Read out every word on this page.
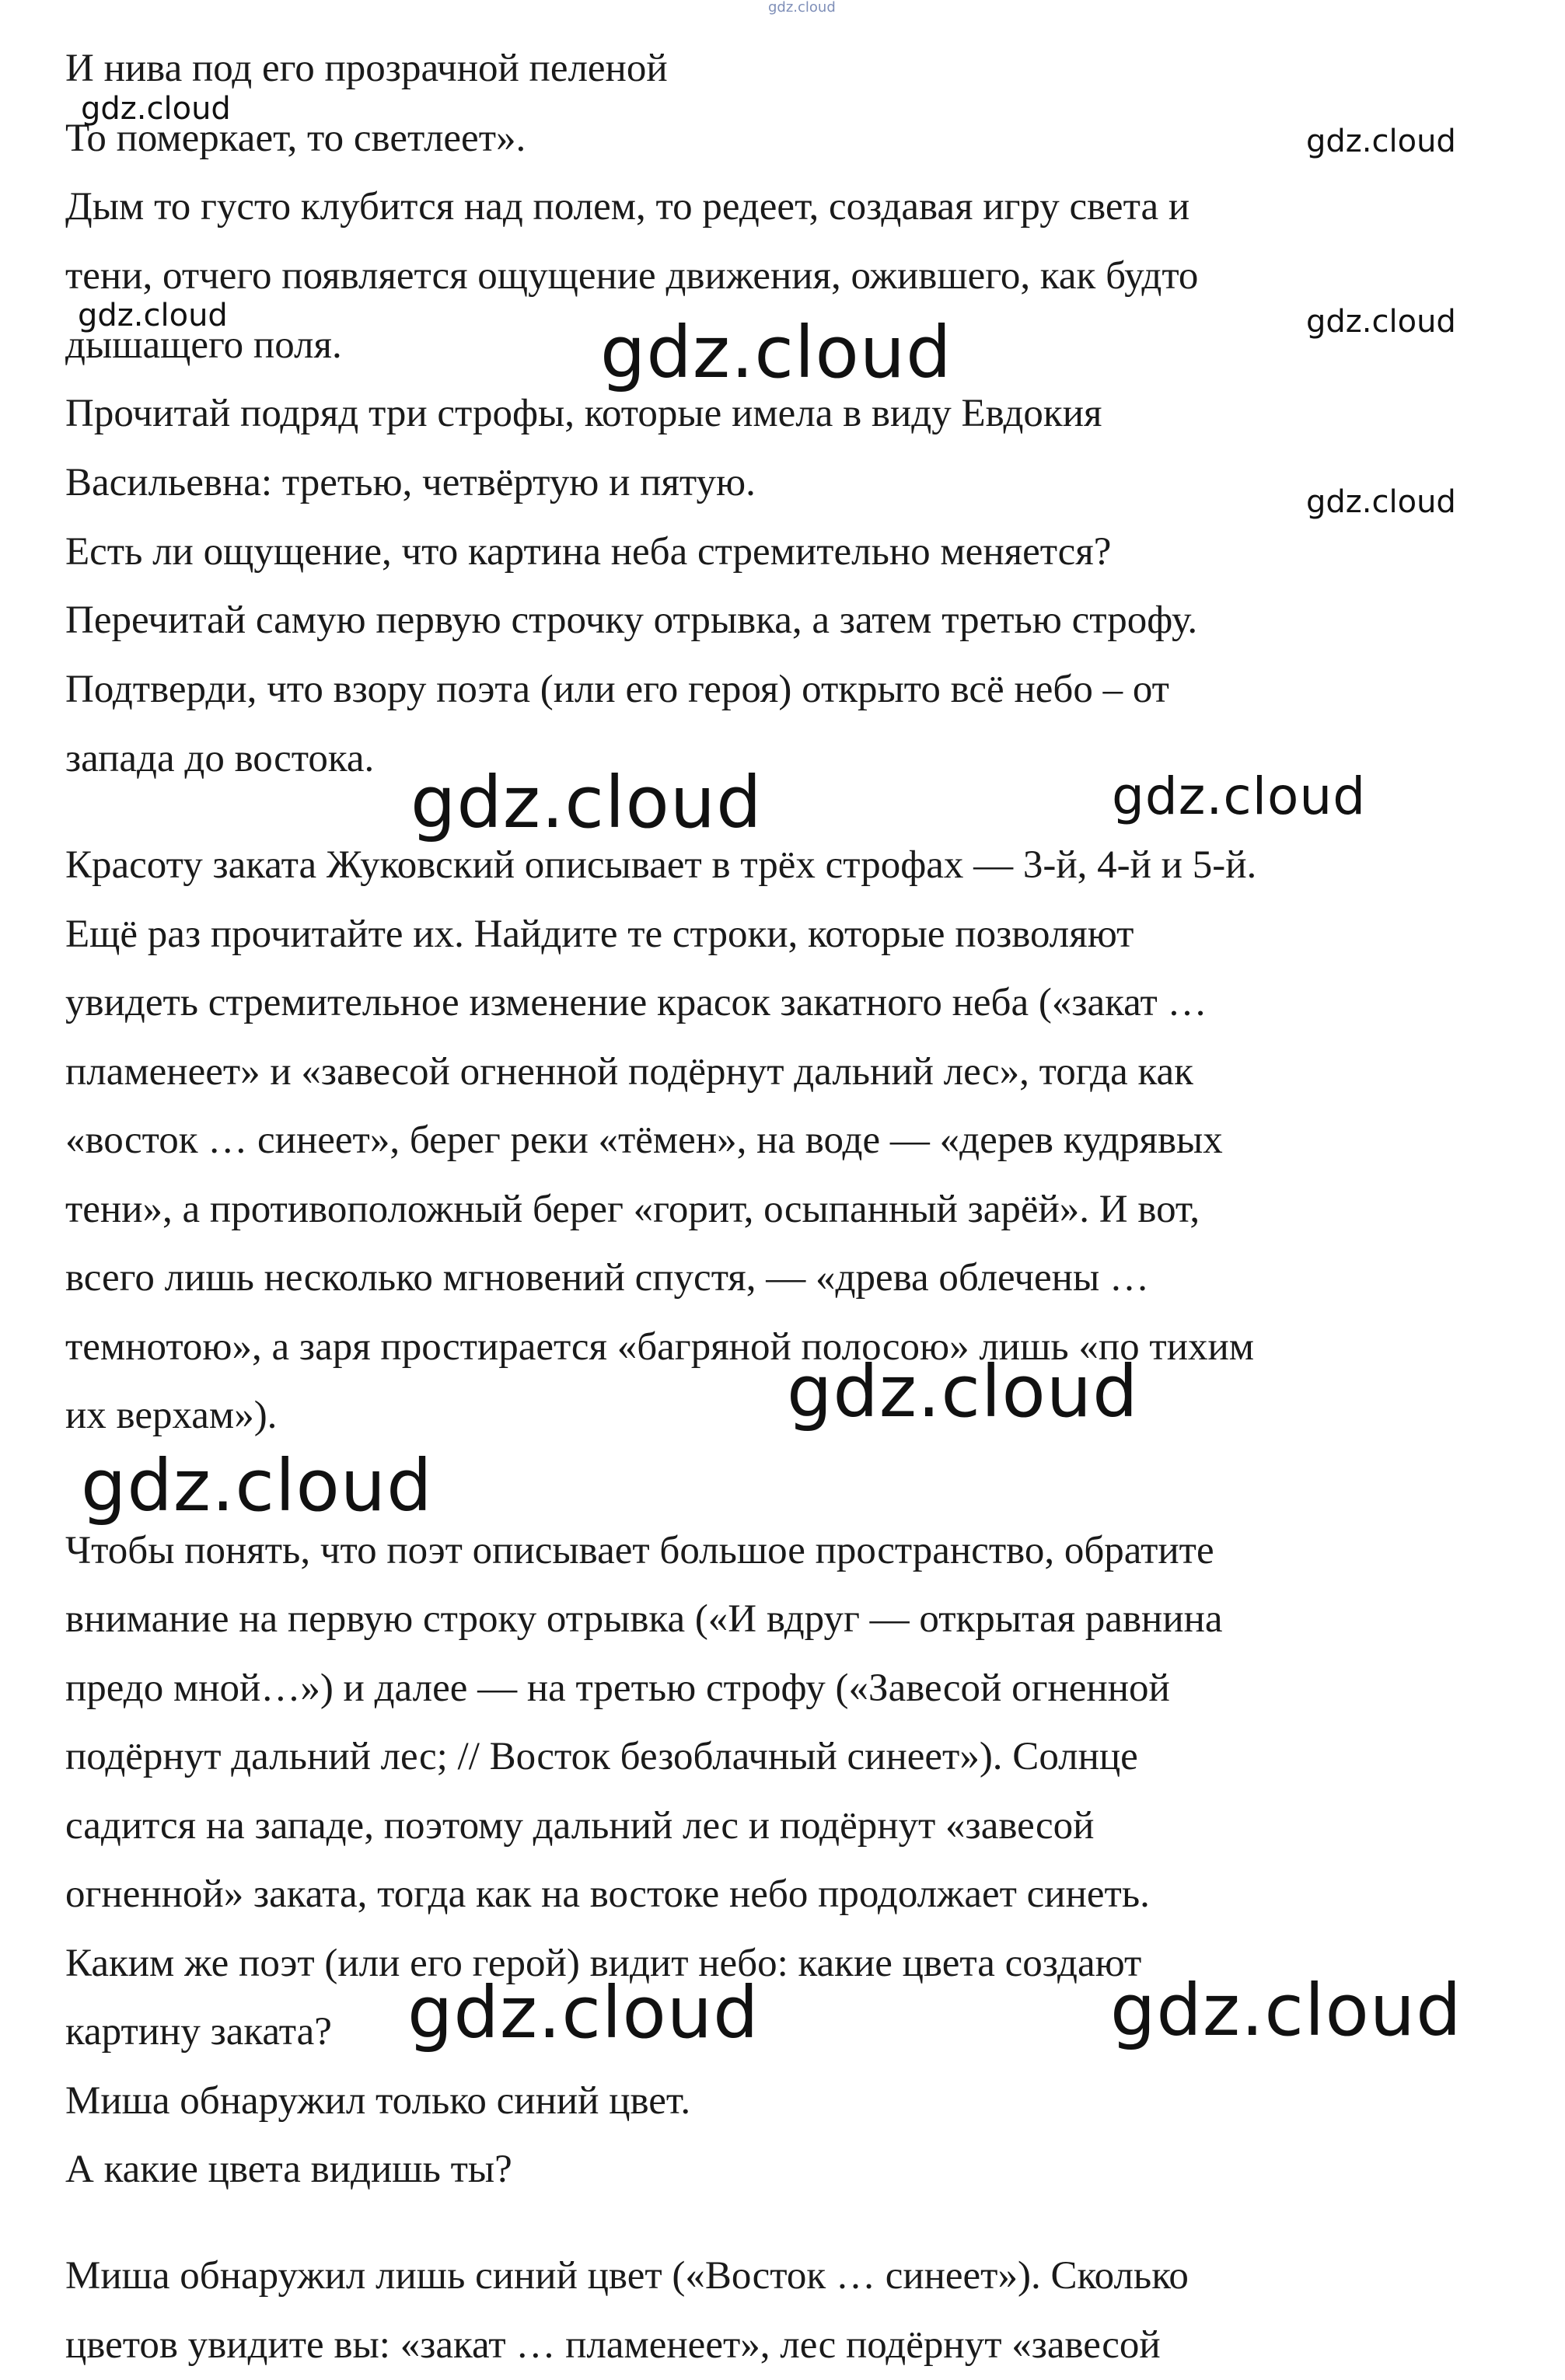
gdz.cloud
И нива под его прозрачной пеленой
То померкает, то светлеет».
Дым то густо клубится над полем, то редеет, создавая игру света и
тени, отчего появляется ощущение движения, ожившего, как будто
дышащего поля.
Прочитай подряд три строфы, которые имела в виду Евдокия
Васильевна: третью, четвёртую и пятую.
Есть ли ощущение, что картина неба стремительно меняется?
Перечитай самую первую строчку отрывка, а затем третью строфу.
Подтверди, что взору поэта (или его героя) открыто всё небо – от
запада до востока.
Красоту заката Жуковский описывает в трёх строфах — 3-й, 4-й и 5-й.
Ещё раз прочитайте их. Найдите те строки, которые позволяют
увидеть стремительное изменение красок закатного неба («закат …
пламенеет» и «завесой огненной подёрнут дальний лес», тогда как
«восток … синеет», берег реки «тёмен», на воде — «дерев кудрявых
тени», а противоположный берег «горит, осыпанный зарёй». И вот,
всего лишь несколько мгновений спустя, — «древа облечены …
темнотою», а заря простирается «багряной полосою» лишь «по тихим
их верхам»).
Чтобы понять, что поэт описывает большое пространство, обратите
внимание на первую строку отрывка («И вдруг — открытая равнина
предо мной…») и далее — на третью строфу («Завесой огненной
подёрнут дальний лес; // Восток безоблачный синеет»). Солнце
садится на западе, поэтому дальний лес и подёрнут «завесой
огненной» заката, тогда как на востоке небо продолжает синеть.
Каким же поэт (или его герой) видит небо: какие цвета создают
картину заката?
Миша обнаружил только синий цвет.
А какие цвета видишь ты?
Миша обнаружил лишь синий цвет («Восток … синеет»). Сколько
цветов увидите вы: «закат … пламенеет», лес подёрнут «завесой
gdz.cloud
gdz.cloud
gdz.cloud	gdz.cloud
gdz.cloud
gdz.cloud
gdz.cloud	gdz.cloud
gdz.cloud
gdz.cloud
gdz.cloud	gdz.cloud
